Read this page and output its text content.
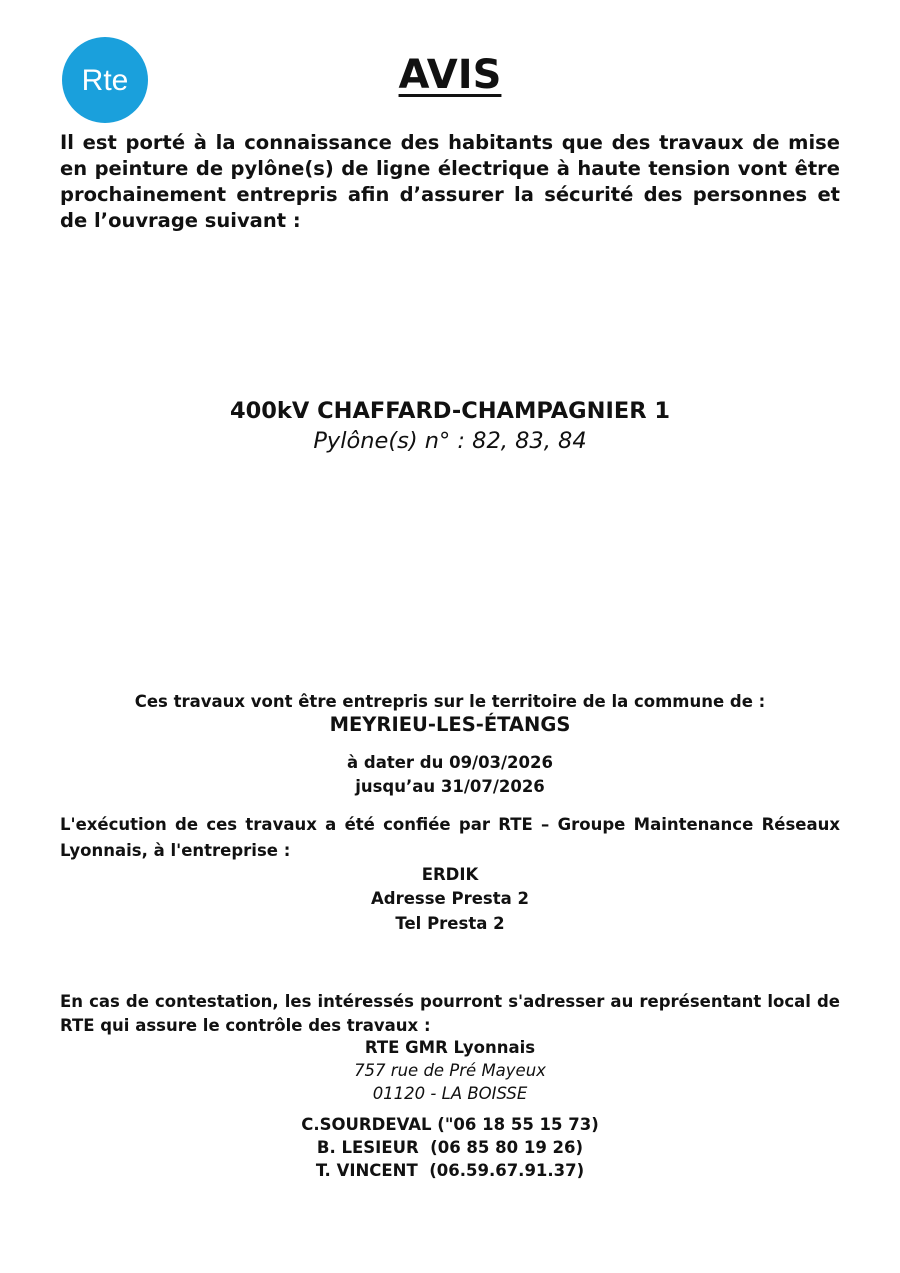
Rte	AVIS

Il est porté à la connaissance des habitants que des travaux de mise en peinture de pylône(s) de ligne électrique à haute tension vont être prochainement entrepris afin d’assurer la sécurité des personnes et de l’ouvrage suivant :

400kV CHAFFARD-CHAMPAGNIER 1

Pylône(s) n° : 82, 83, 84

Ces travaux vont être entrepris sur le territoire de la commune de :

MEYRIEU-LES-ÉTANGS

à dater du 09/03/2026

jusqu’au 31/07/2026

L'exécution de ces travaux a été confiée par RTE – Groupe Maintenance Réseaux Lyonnais, à l'entreprise :

ERDIK

Adresse Presta 2

Tel Presta 2

En cas de contestation, les intéressés pourront s'adresser au représentant local de RTE qui assure le contrôle des travaux :

RTE GMR Lyonnais

757 rue de Pré Mayeux

01120 - LA BOISSE

C.SOURDEVAL ("06 18 55 15 73)

B. LESIEUR  (06 85 80 19 26)

T. VINCENT  (06.59.67.91.37)
